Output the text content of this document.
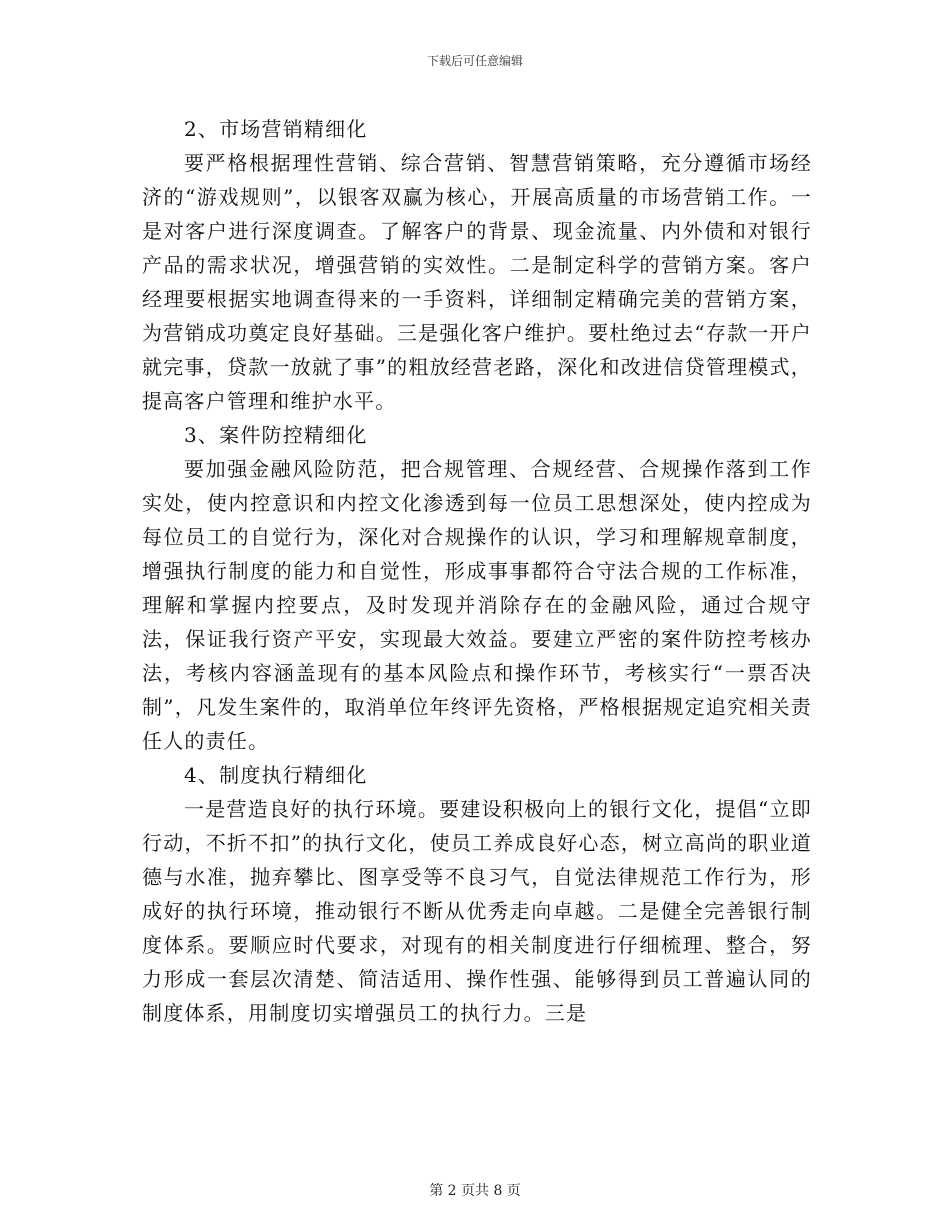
下载后可任意编辑

2、市场营销精细化

要严格根据理性营销、综合营销、智慧营销策略，充分遵循市场经济的“游戏规则”，以银客双赢为核心，开展高质量的市场营销工作。一是对客户进行深度调查。了解客户的背景、现金流量、内外债和对银行产品的需求状况，增强营销的实效性。二是制定科学的营销方案。客户经理要根据实地调查得来的一手资料，详细制定精确完美的营销方案，为营销成功奠定良好基础。三是强化客户维护。要杜绝过去“存款一开户就完事，贷款一放就了事”的粗放经营老路，深化和改进信贷管理模式，提高客户管理和维护水平。

3、案件防控精细化

要加强金融风险防范，把合规管理、合规经营、合规操作落到工作实处，使内控意识和内控文化渗透到每一位员工思想深处，使内控成为每位员工的自觉行为，深化对合规操作的认识，学习和理解规章制度，增强执行制度的能力和自觉性，形成事事都符合守法合规的工作标准，理解和掌握内控要点，及时发现并消除存在的金融风险，通过合规守法，保证我行资产平安，实现最大效益。要建立严密的案件防控考核办法，考核内容涵盖现有的基本风险点和操作环节，考核实行“一票否决制”，凡发生案件的，取消单位年终评先资格，严格根据规定追究相关责任人的责任。

4、制度执行精细化

一是营造良好的执行环境。要建设积极向上的银行文化，提倡“立即行动，不折不扣”的执行文化，使员工养成良好心态，树立高尚的职业道德与水准，抛弃攀比、图享受等不良习气，自觉法律规范工作行为，形成好的执行环境，推动银行不断从优秀走向卓越。二是健全完善银行制度体系。要顺应时代要求，对现有的相关制度进行仔细梳理、整合，努力形成一套层次清楚、简洁适用、操作性强、能够得到员工普遍认同的制度体系，用制度切实增强员工的执行力。三是

第 2 页共 8 页
